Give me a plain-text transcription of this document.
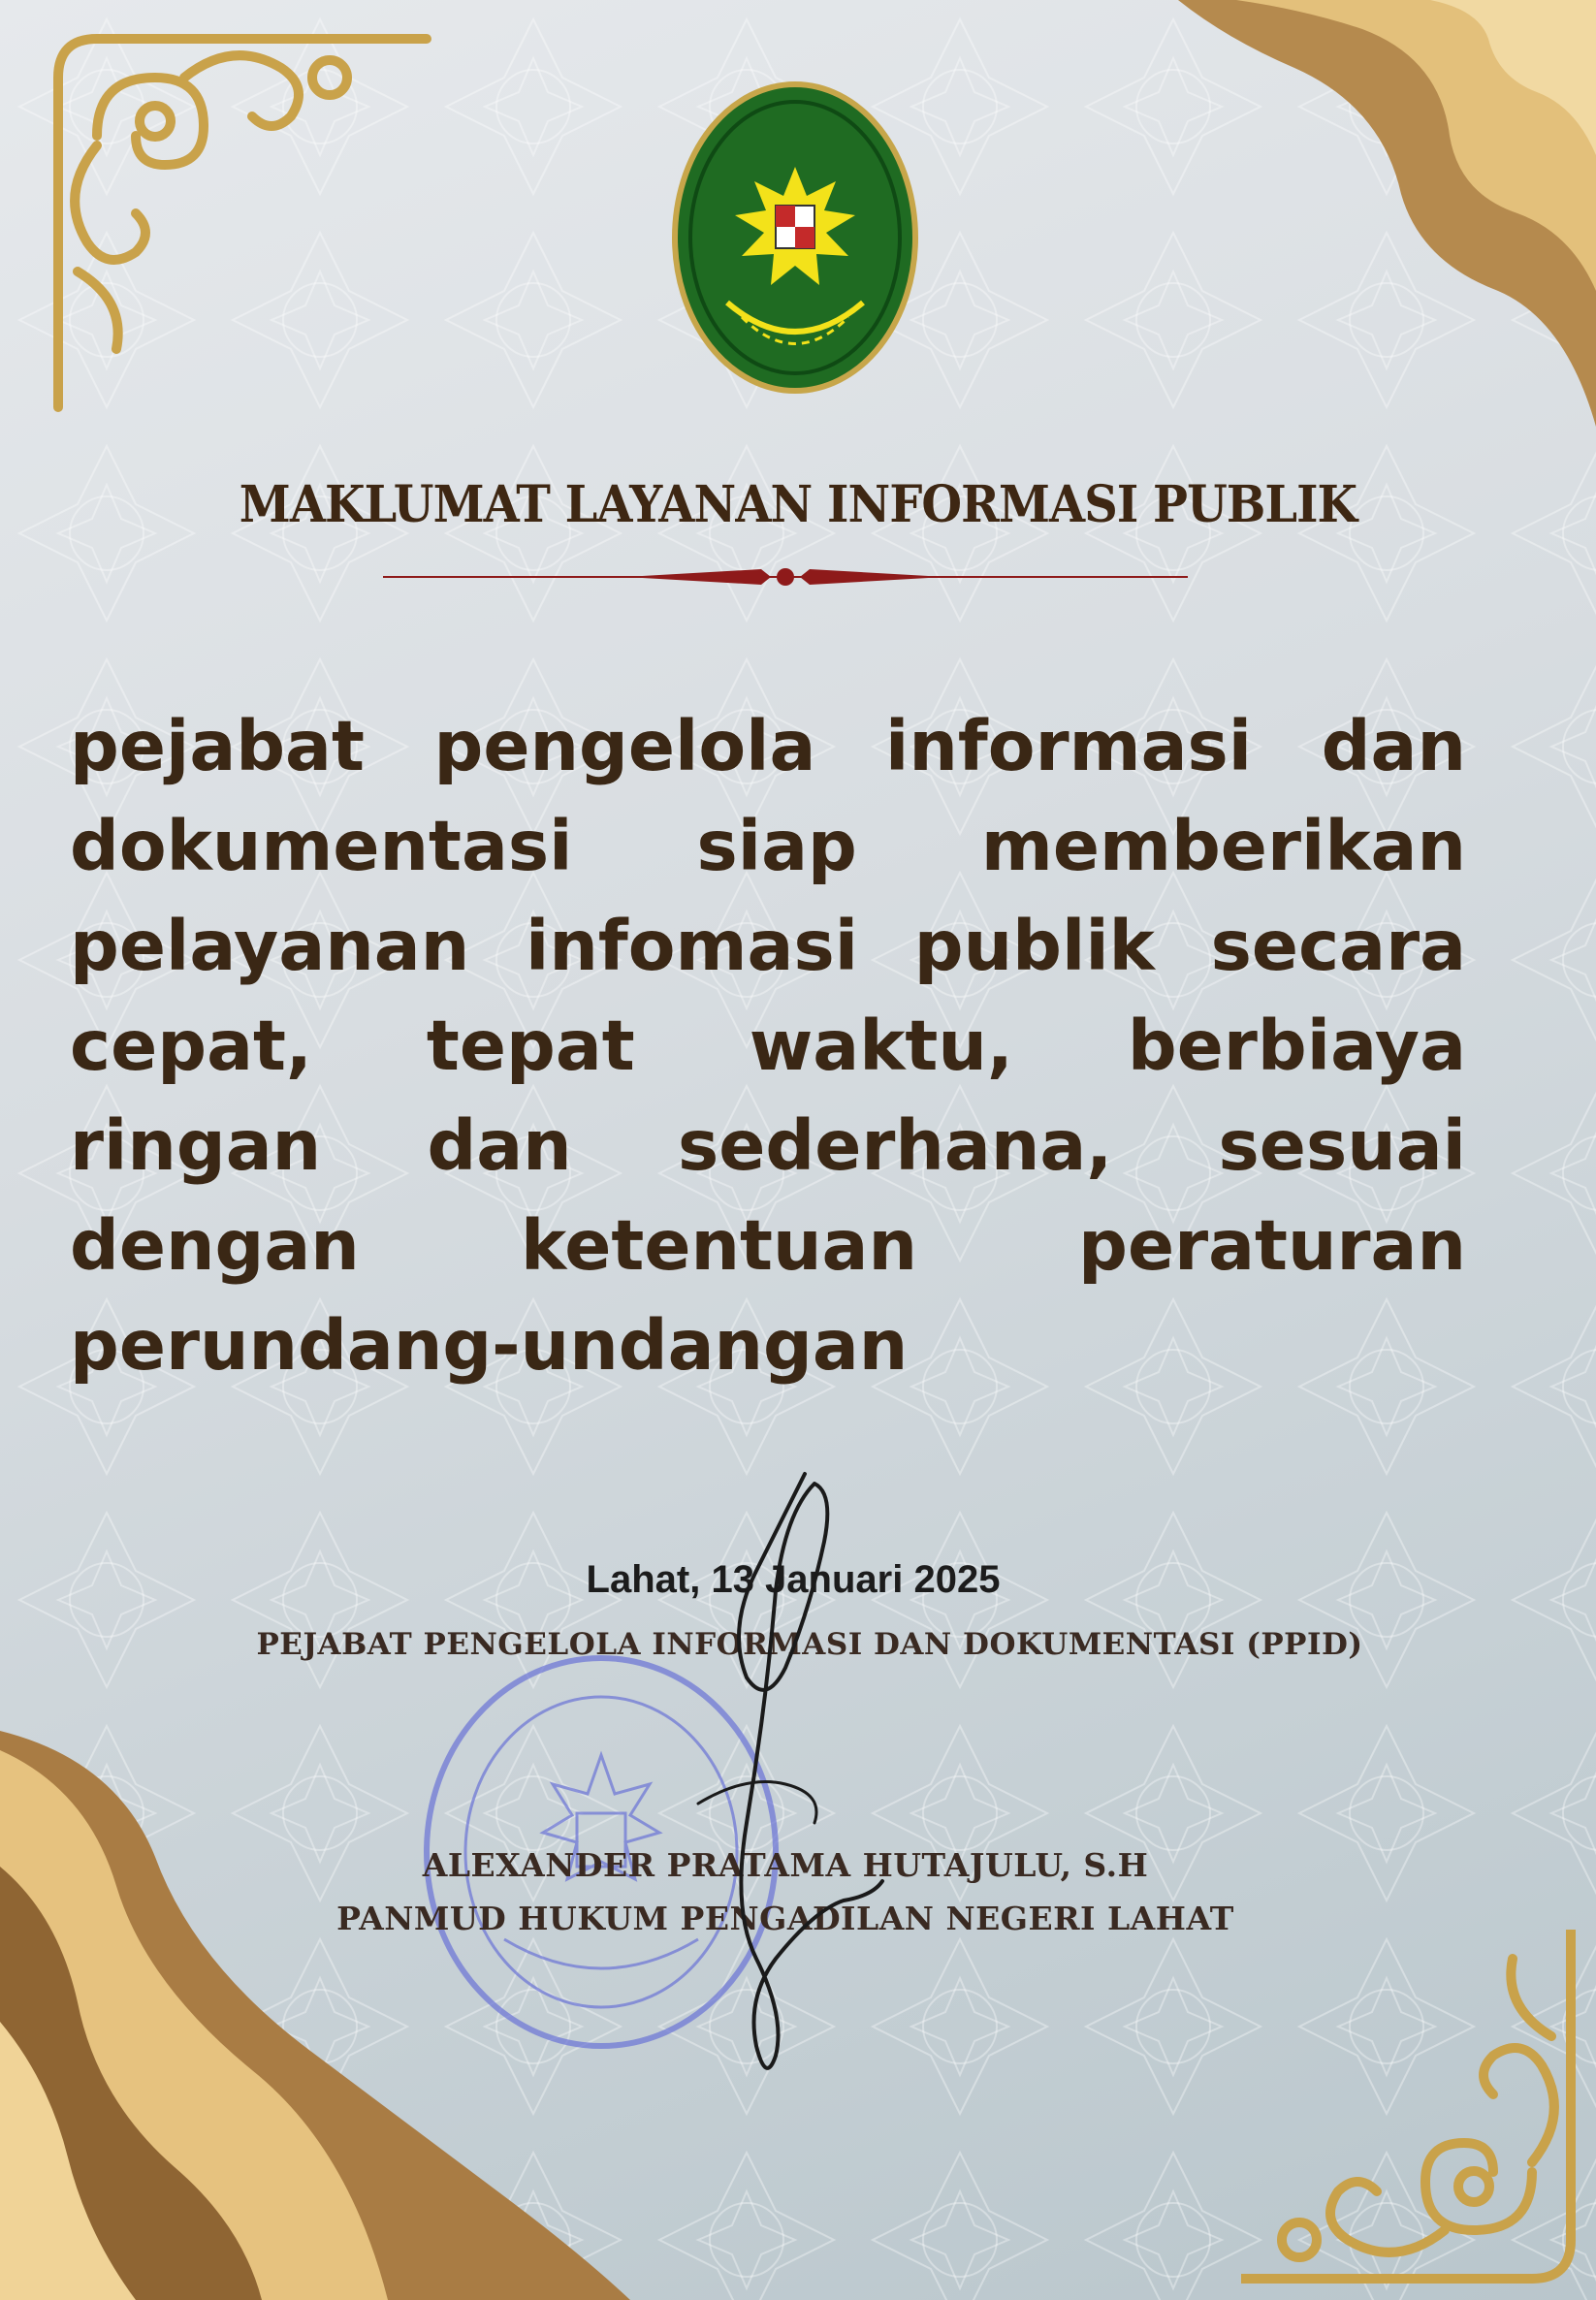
MAKLUMAT LAYANAN INFORMASI PUBLIK

pejabat pengelola informasi dan dokumentasi siap memberikan pelayanan infomasi publik secara cepat, tepat waktu, berbiaya ringan dan sederhana, sesuai dengan ketentuan peraturan perundang-undangan

Lahat, 13 Januari 2025
PEJABAT PENGELOLA INFORMASI DAN DOKUMENTASI (PPID)
ALEXANDER PRATAMA HUTAJULU, S.H
PANMUD HUKUM PENGADILAN NEGERI LAHAT
